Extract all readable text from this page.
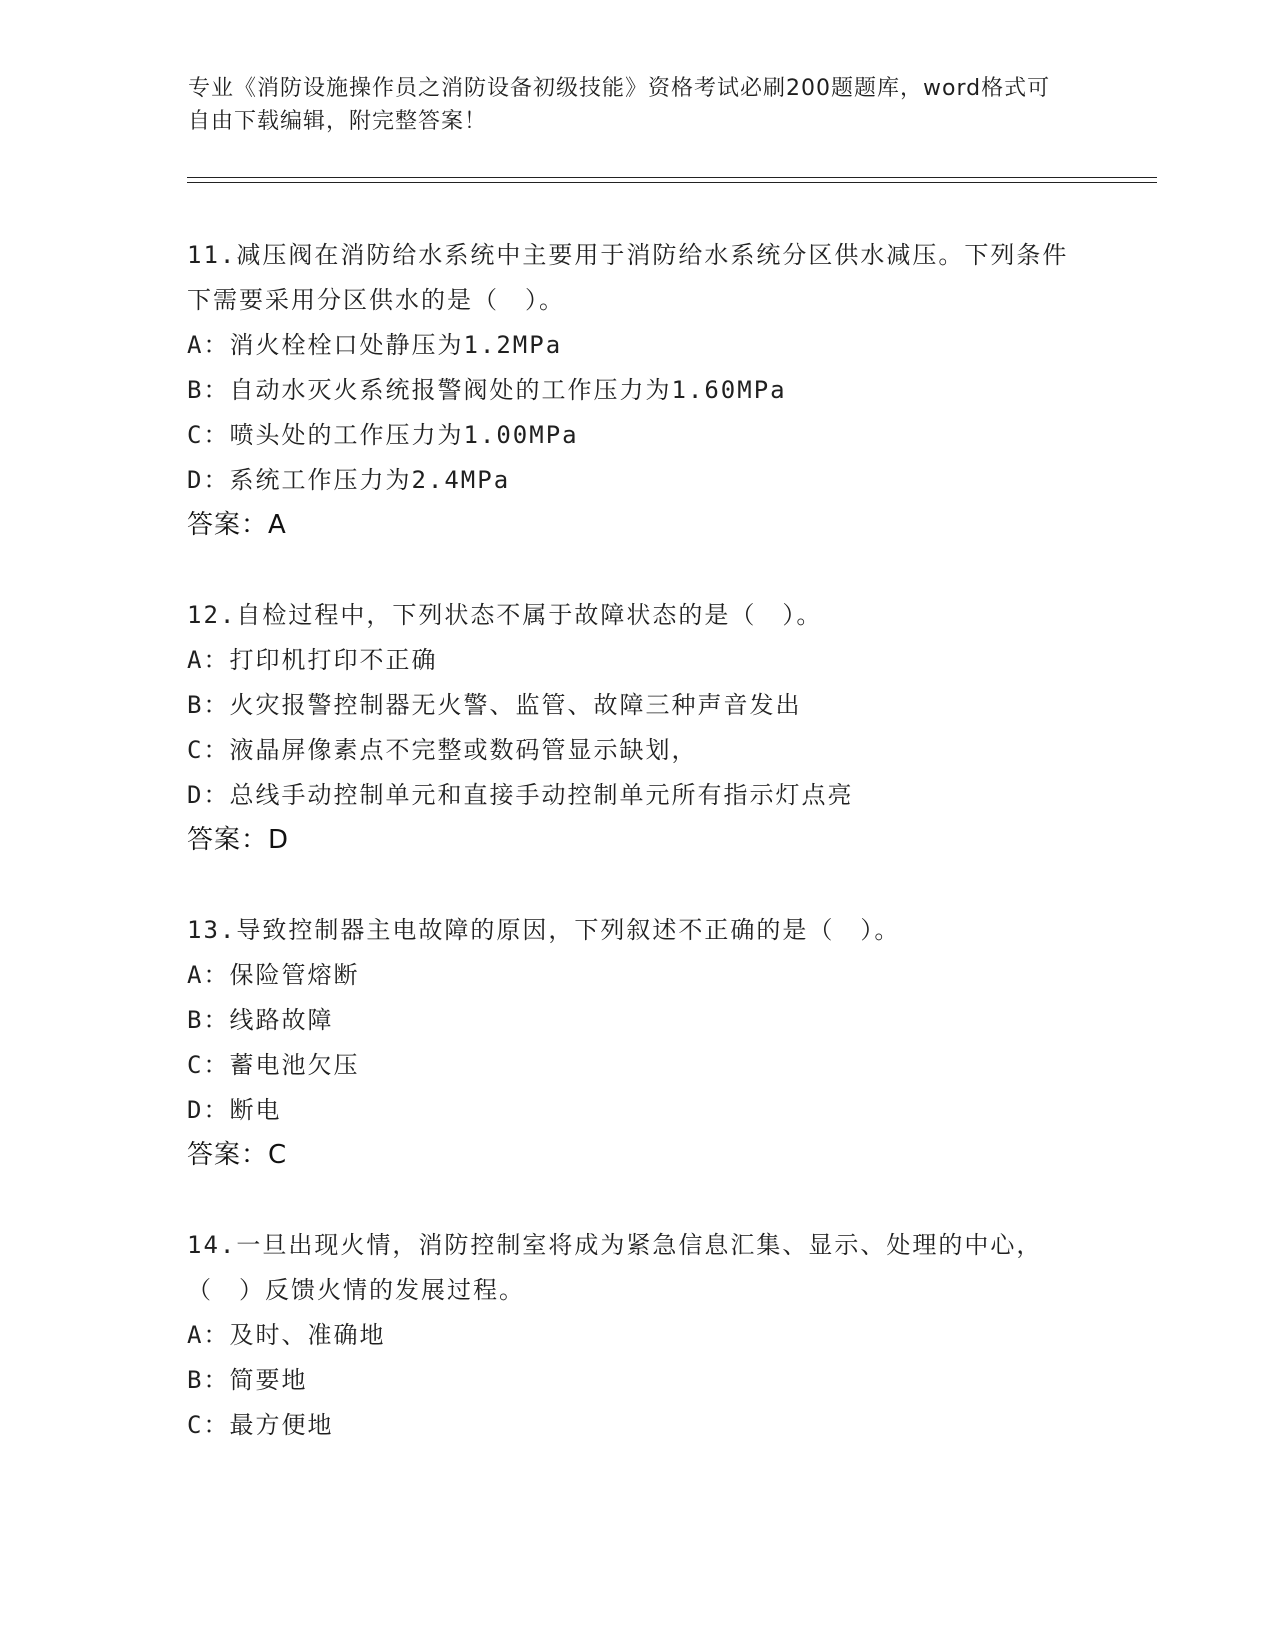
专业《消防设施操作员之消防设备初级技能》资格考试必刷200题题库，word格式可自由下载编辑，附完整答案！

11.减压阀在消防给水系统中主要用于消防给水系统分区供水减压。下列条件下需要采用分区供水的是（　）。

A：消火栓栓口处静压为1.2MPa

B：自动水灭火系统报警阀处的工作压力为1.60MPa

C：喷头处的工作压力为1.00MPa

D：系统工作压力为2.4MPa

答案：A

12.自检过程中，下列状态不属于故障状态的是（　）。

A：打印机打印不正确

B：火灾报警控制器无火警、监管、故障三种声音发出

C：液晶屏像素点不完整或数码管显示缺划，

D：总线手动控制单元和直接手动控制单元所有指示灯点亮

答案：D

13.导致控制器主电故障的原因，下列叙述不正确的是（　）。

A：保险管熔断

B：线路故障

C：蓄电池欠压

D：断电

答案：C

14.一旦出现火情，消防控制室将成为紧急信息汇集、显示、处理的中心，（　）反馈火情的发展过程。

A：及时、准确地

B：简要地

C：最方便地
